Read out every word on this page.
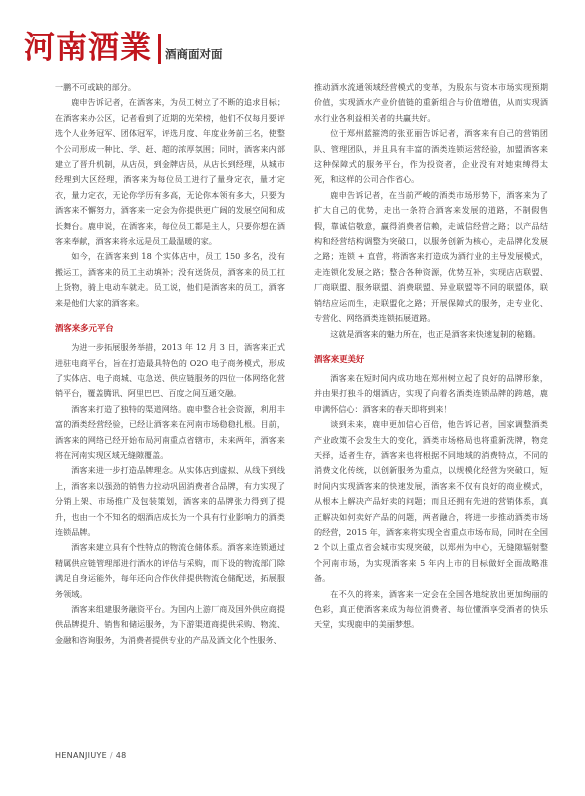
河南酒業 酒商面对面

一鹏不可或缺的部分。

鹿申告诉记者，在酒客来，为员工树立了不断的追求目标；在酒客来办公区，记者看到了近期的光荣榜，他们不仅每月要评选个人业务冠军、团体冠军，评选月度、年度业务前三名，使整个公司形成一种比、学、赶、超的浓厚氛围；同时，酒客来内部建立了晋升机制，从店员，到金牌店员，从店长到经理，从城市经理到大区经理，酒客来为每位员工进行了量身定衣，量才定衣，量力定衣，无论你学历有多高，无论你本领有多大，只要为酒客来不懈努力，酒客来一定会为你提供更广阔的发展空间和成长舞台。鹿申说，在酒客来，每位员工都是主人，只要你想在酒客来奉献，酒客来将永远是员工最温暖的家。

如今，在酒客来到 18 个实体店中，员工 150 多名，没有搬运工，酒客来的员工主动填补；没有送货员，酒客来的员工扛上货物，骑上电动车就走。员工说，他们是酒客来的员工，酒客来是他们大家的酒客来。

酒客来多元平台

为进一步拓展服务举措，2013 年 12 月 3 日，酒客来正式进驻电商平台，旨在打造最具特色的 O2O 电子商务模式，形成了实体店、电子商城、屯急送、供应链服务的四位一体网络化营销平台，覆盖腾讯、阿里巴巴、百度之间互通交融。

酒客来打造了独特的渠道网络。鹿申整合社会资源，利用丰富的酒类经营经验，已经让酒客来在河南市场稳稳扎根。目前，酒客来的网络已经开始布局河南重点省辖市，未来两年，酒客来将在河南实现区域无缝隙覆盖。

酒客来进一步打造品牌理念。从实体店到虚拟、从线下到线上，酒客来以强劲的销售力拉动巩固消费者合品牌，有力实现了分销上架、市场推广及包装策划，酒客来的品牌张力得到了提升，也由一个不知名的烟酒店成长为一个具有行业影响力的酒类连锁品牌。

酒客来建立具有个性特点的物流仓储体系。酒客来连锁通过精属供应链管理部进行酒水的评估与采购，而下设的物流部门除满足自身运能外，每年还向合作伙伴提供物流仓储配送，拓展服务领域。

酒客来组建服务融资平台。为国内上游厂商及国外供应商提供品牌提升、销售和储运服务，为下游渠道商提供采购、物流、金融和咨询服务，为消费者提供专业的产品及酒文化个性服务、

推动酒水流通领域经营模式的变革，为股东与资本市场实现预期价值，实现酒水产业价值链的重新组合与价值增值，从而实现酒水行业各利益相关者的共赢共好。

位于郑州蓝箍湾的张亚丽告诉记者，酒客来有自己的营销团队、管理团队，并且具有丰富的酒类连锁运营经验，加盟酒客来这种保障式的服务平台，作为投资者，企业没有对她束缚得太死，和这样的公司合作省心。

鹿申告诉记者，在当前严峻的酒类市场形势下，酒客来为了扩大自己的优势，走出一条符合酒客来发展的道路，不制假售假，靠诚信敬意，赢得消费者信赖，走诚信经营之路；以产品结构和经营结构调整为突破口，以服务创新为核心，走品牌化发展之路；连锁 + 直营，将酒客来打造成为酒行业的主导发展模式，走连锁化发展之路；整合各种资源，优势互补，实现店店联盟、厂商联盟、服务联盟、消费联盟、异业联盟等不同的联盟体，联销结应运而生，走联盟化之路；开展保障式的服务，走专业化、专营化、网络酒类连锁拓展道路。

这就是酒客来的魅力所在，也正是酒客来快速复制的秘籍。

酒客来更美好

酒客来在短时间内成功地在郑州树立起了良好的品牌形象，并由果打独斗的烟酒店，实现了向着名酒类连锁品牌的跨越，鹿申满怀信心：酒客来的春天即将到来！

谈到未来，鹿申更加信心百倍，他告诉记者，国家调整酒类产业政策不会发生大的变化，酒类市场格局也将重新洗牌，物竞天择，适者生存，酒客来也将根据不同地域的消费特点，不同的消费文化传统，以创新服务为重点，以规模化经营为突破口，短时间内实现酒客来的快速发展，酒客来不仅有良好的商业模式，从根本上解决产品好卖的问题；而且还拥有先进的营销体系，真正解决如何卖好产品的问题，两者融合，将进一步推动酒类市场的经营，2015 年，酒客来将实现全省重点市场布局，同时在全国 2 个以上重点省会城市实现突破，以郑州为中心，无缝隙辐射整个河南市场，为实现酒客来 5 年内上市的目标做好全面战略准备。

在不久的将来，酒客来一定会在全国各地绽放出更加绚丽的色彩，真正使酒客来成为每位消费者、每位懂酒享受酒者的快乐天堂，实现鹿申的美丽梦想。

HENANJIUYE / 48
